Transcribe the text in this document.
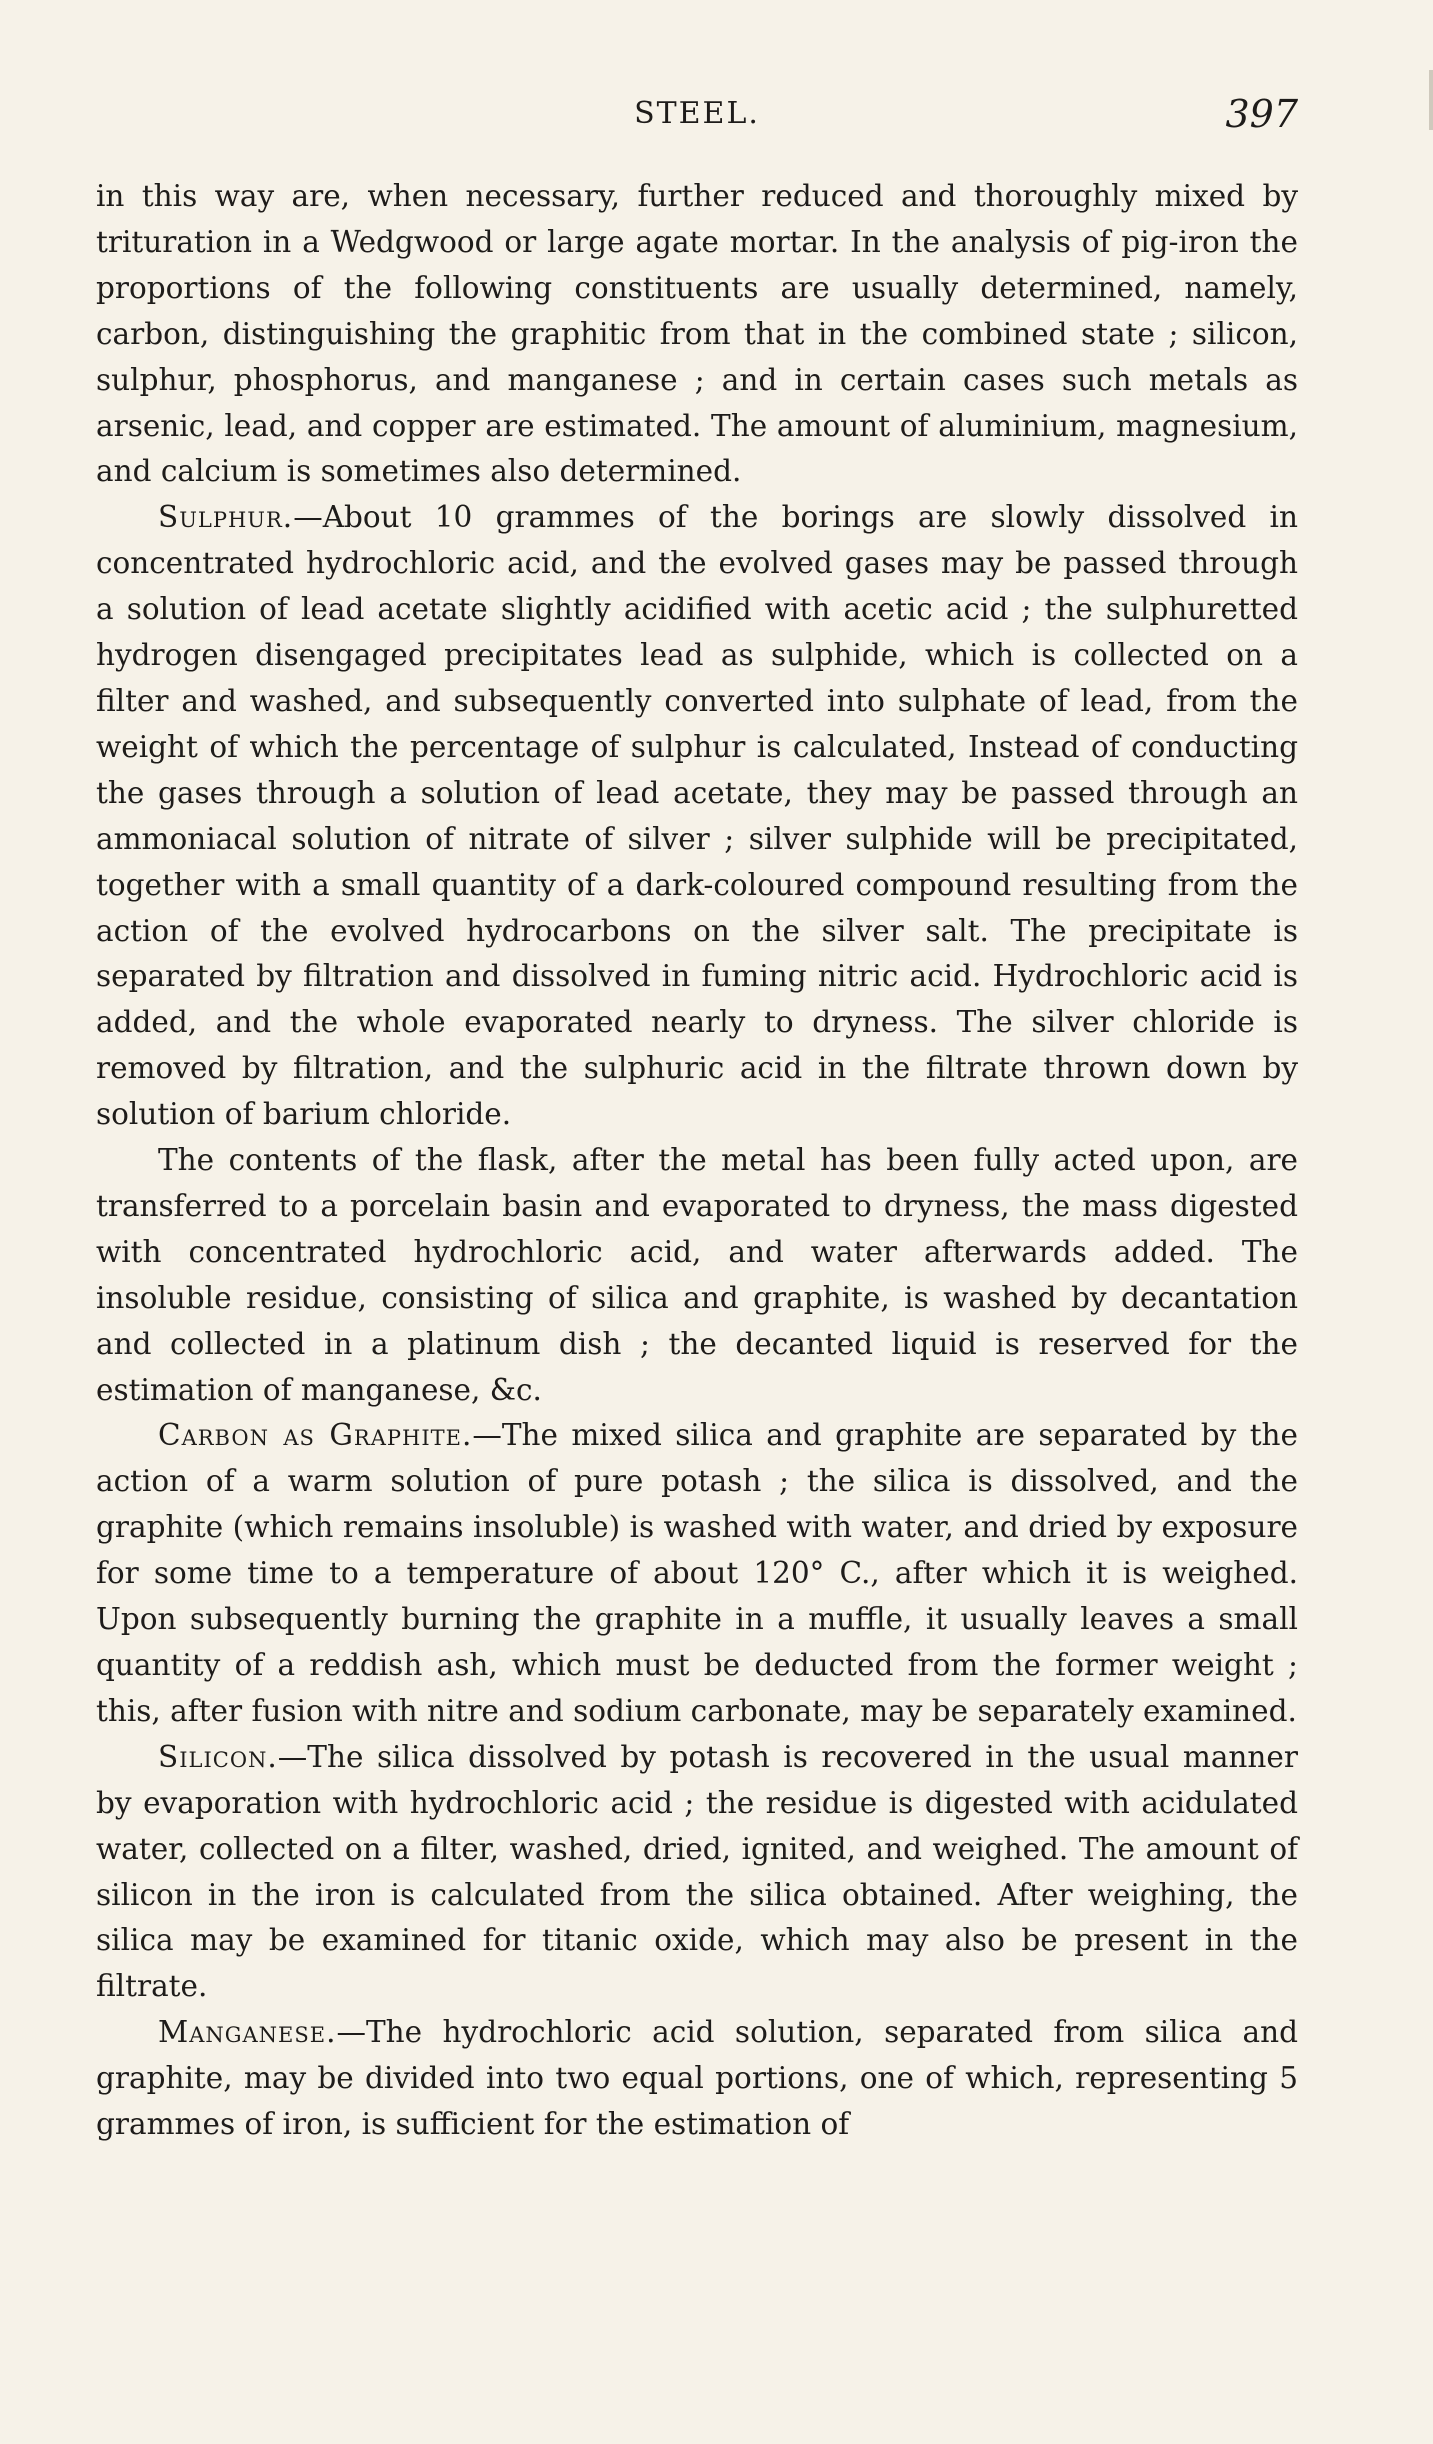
STEEL.	397

in this way are, when necessary, further reduced and thoroughly mixed by trituration in a Wedgwood or large agate mortar. In the analysis of pig-iron the proportions of the following constituents are usually determined, namely, carbon, distinguishing the graphitic from that in the combined state ; silicon, sulphur, phosphorus, and manganese ; and in certain cases such metals as arsenic, lead, and copper are estimated. The amount of aluminium, magnesium, and calcium is sometimes also determined.

Sulphur.—About 10 grammes of the borings are slowly dissolved in concentrated hydrochloric acid, and the evolved gases may be passed through a solution of lead acetate slightly acidified with acetic acid ; the sulphuretted hydrogen disengaged precipitates lead as sulphide, which is collected on a filter and washed, and subsequently converted into sulphate of lead, from the weight of which the percentage of sulphur is calculated, Instead of conducting the gases through a solution of lead acetate, they may be passed through an ammoniacal solution of nitrate of silver ; silver sulphide will be precipitated, together with a small quantity of a dark-coloured compound resulting from the action of the evolved hydrocarbons on the silver salt. The precipitate is separated by filtration and dissolved in fuming nitric acid. Hydrochloric acid is added, and the whole evaporated nearly to dryness. The silver chloride is removed by filtration, and the sulphuric acid in the filtrate thrown down by solution of barium chloride.

The contents of the flask, after the metal has been fully acted upon, are transferred to a porcelain basin and evaporated to dryness, the mass digested with concentrated hydrochloric acid, and water afterwards added. The insoluble residue, consisting of silica and graphite, is washed by decantation and collected in a platinum dish ; the decanted liquid is reserved for the estimation of manganese, &c.

Carbon as Graphite.—The mixed silica and graphite are separated by the action of a warm solution of pure potash ; the silica is dissolved, and the graphite (which remains insoluble) is washed with water, and dried by exposure for some time to a temperature of about 120° C., after which it is weighed. Upon subsequently burning the graphite in a muffle, it usually leaves a small quantity of a reddish ash, which must be deducted from the former weight ; this, after fusion with nitre and sodium carbonate, may be separately examined.

Silicon.—The silica dissolved by potash is recovered in the usual manner by evaporation with hydrochloric acid ; the residue is digested with acidulated water, collected on a filter, washed, dried, ignited, and weighed. The amount of silicon in the iron is calculated from the silica obtained. After weighing, the silica may be examined for titanic oxide, which may also be present in the filtrate.

Manganese.—The hydrochloric acid solution, separated from silica and graphite, may be divided into two equal portions, one of which, representing 5 grammes of iron, is sufficient for the estimation of
